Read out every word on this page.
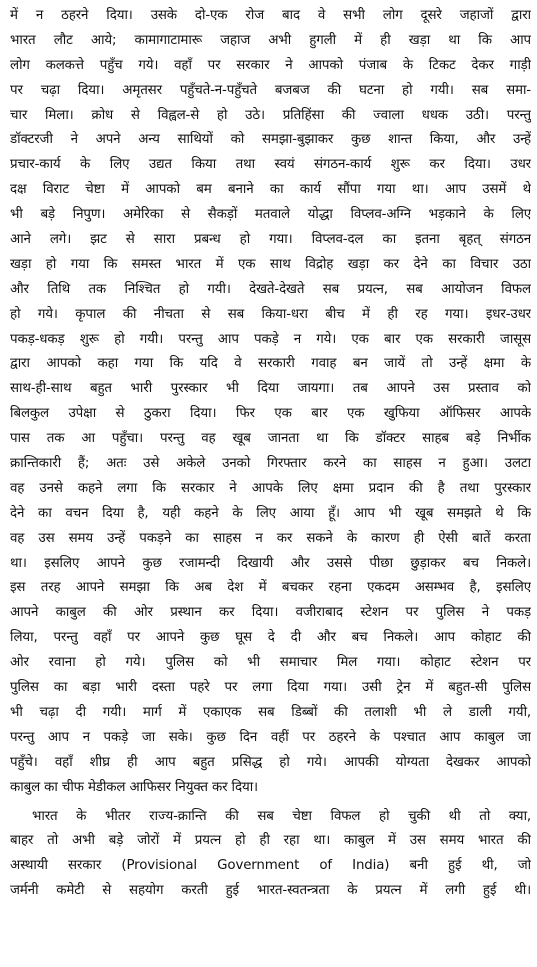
में न ठहरने दिया। उसके दो-एक रोज बाद वे सभी लोग दूसरे जहाजों द्वारा
भारत लौट आये; कामागाटामारू जहाज अभी हुगली में ही खड़ा था कि आप
लोग कलकत्ते पहुँच गये। वहाँ पर सरकार ने आपको पंजाब के टिकट देकर गाड़ी
पर चढ़ा दिया। अमृतसर पहुँचते-न-पहुँचते बजबज की घटना हो गयी। सब समा-
चार मिला। क्रोध से विह्वल-से हो उठे। प्रतिहिंसा की ज्वाला धधक उठी। परन्तु
डॉक्टरजी ने अपने अन्य साथियों को समझा-बुझाकर कुछ शान्त किया, और उन्हें
प्रचार-कार्य के लिए उद्यत किया तथा स्वयं संगठन-कार्य शुरू कर दिया। उधर
दक्ष विराट चेष्टा में आपको बम बनाने का कार्य सौंपा गया था। आप उसमें थे
भी बड़े निपुण। अमेरिका से सैकड़ों मतवाले योद्धा विप्लव-अग्नि भड़काने के लिए
आने लगे। झट से सारा प्रबन्ध हो गया। विप्लव-दल का इतना बृहत् संगठन
खड़ा हो गया कि समस्त भारत में एक साथ विद्रोह खड़ा कर देने का विचार उठा
और तिथि तक निश्चित हो गयी। देखते-देखते सब प्रयत्न, सब आयोजन विफल
हो गये। कृपाल की नीचता से सब किया-धरा बीच में ही रह गया। इधर-उधर
पकड़-धकड़ शुरू हो गयी। परन्तु आप पकड़े न गये। एक बार एक सरकारी जासूस
द्वारा आपको कहा गया कि यदि वे सरकारी गवाह बन जायें तो उन्हें क्षमा के
साथ-ही-साथ बहुत भारी पुरस्कार भी दिया जायगा। तब आपने उस प्रस्ताव को
बिलकुल उपेक्षा से ठुकरा दिया। फिर एक बार एक खुफिया ऑफिसर आपके
पास तक आ पहुँचा। परन्तु वह खूब जानता था कि डॉक्टर साहब बड़े निर्भीक
क्रान्तिकारी हैं; अतः उसे अकेले उनको गिरफ्तार करने का साहस न हुआ। उलटा
वह उनसे कहने लगा कि सरकार ने आपके लिए क्षमा प्रदान की है तथा पुरस्कार
देने का वचन दिया है, यही कहने के लिए आया हूँ। आप भी खूब समझते थे कि
वह उस समय उन्हें पकड़ने का साहस न कर सकने के कारण ही ऐसी बातें करता
था। इसलिए आपने कुछ रजामन्दी दिखायी और उससे पीछा छुड़ाकर बच निकले।
इस तरह आपने समझा कि अब देश में बचकर रहना एकदम असम्भव है, इसलिए
आपने काबुल की ओर प्रस्थान कर दिया। वजीराबाद स्टेशन पर पुलिस ने पकड़
लिया, परन्तु वहाँ पर आपने कुछ घूस दे दी और बच निकले। आप कोहाट की
ओर रवाना हो गये। पुलिस को भी समाचार मिल गया। कोहाट स्टेशन पर
पुलिस का बड़ा भारी दस्ता पहरे पर लगा दिया गया। उसी ट्रेन में बहुत-सी पुलिस
भी चढ़ा दी गयी। मार्ग में एकाएक सब डिब्बों की तलाशी भी ले डाली गयी,
परन्तु आप न पकड़े जा सके। कुछ दिन वहीं पर ठहरने के पश्चात आप काबुल जा
पहुँचे। वहाँ शीघ्र ही आप बहुत प्रसिद्ध हो गये। आपकी योग्यता देखकर आपको
काबुल का चीफ मेडीकल आफिसर नियुक्त कर दिया।
भारत के भीतर राज्य-क्रान्ति की सब चेष्टा विफल हो चुकी थी तो क्या,
बाहर तो अभी बड़े जोरों में प्रयत्न हो ही रहा था। काबुल में उस समय भारत की
अस्थायी सरकार (Provisional Government of India) बनी हुई थी, जो
जर्मनी कमेटी से सहयोग करती हुई भारत-स्वतन्त्रता के प्रयत्न में लगी हुई थी।
